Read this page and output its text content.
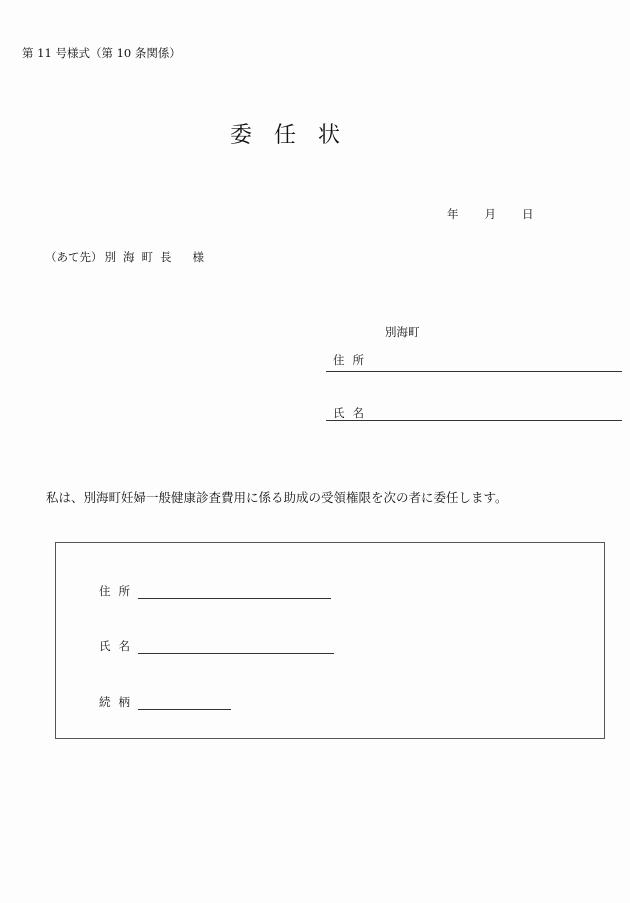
第 11 号様式（第 10 条関係）
委 任 状
年 月 日
（あて先） 別海町長 様
別海町
住所
氏名
私は、別海町妊婦一般健康診査費用に係る助成の受領権限を次の者に委任します。
住所
氏名
続柄
